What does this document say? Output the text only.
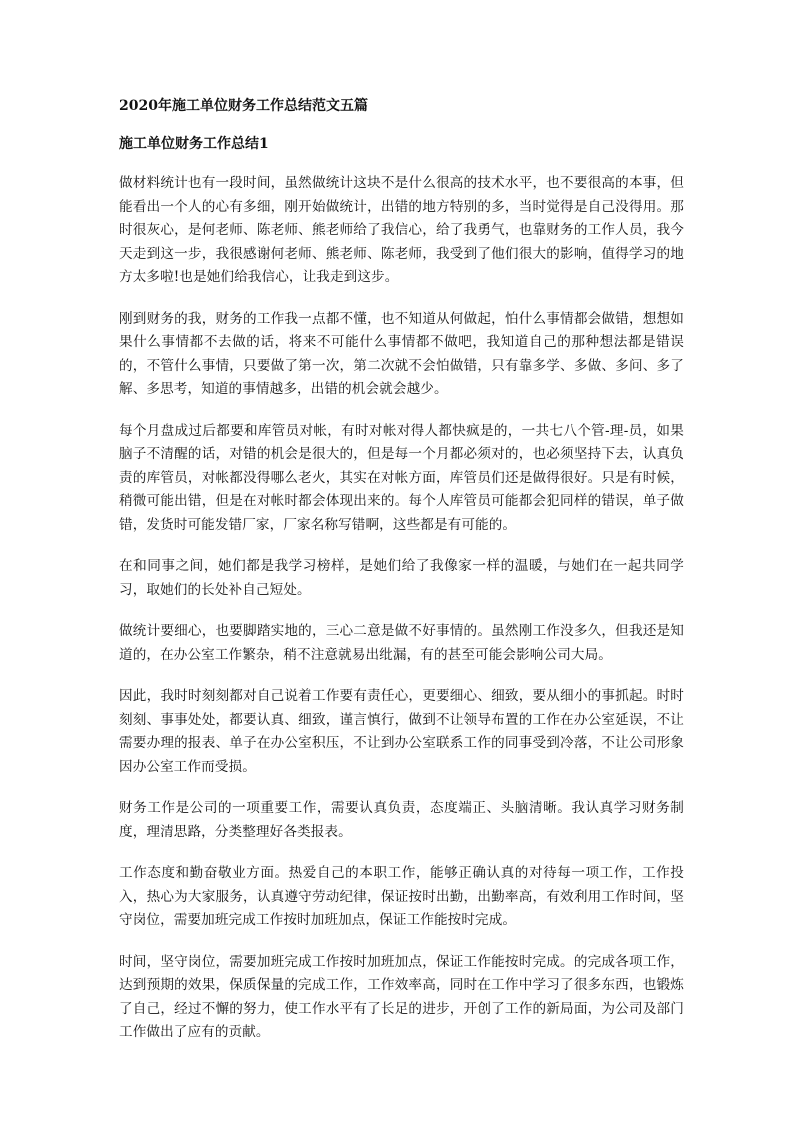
2020年施工单位财务工作总结范文五篇
施工单位财务工作总结1

做材料统计也有一段时间，虽然做统计这块不是什么很高的技术水平，也不要很高的本事，但能看出一个人的心有多细，刚开始做统计，出错的地方特别的多，当时觉得是自己没得用。那时很灰心，是何老师、陈老师、熊老师给了我信心，给了我勇气，也靠财务的工作人员，我今天走到这一步，我很感谢何老师、熊老师、陈老师，我受到了他们很大的影响，值得学习的地方太多啦!也是她们给我信心，让我走到这步。

刚到财务的我，财务的工作我一点都不懂，也不知道从何做起，怕什么事情都会做错，想想如果什么事情都不去做的话，将来不可能什么事情都不做吧，我知道自己的那种想法都是错误的，不管什么事情，只要做了第一次，第二次就不会怕做错，只有靠多学、多做、多问、多了解、多思考，知道的事情越多，出错的机会就会越少。

每个月盘成过后都要和库管员对帐，有时对帐对得人都快疯是的，一共七八个管-理-员，如果脑子不清醒的话，对错的机会是很大的，但是每一个月都必须对的，也必须坚持下去，认真负责的库管员，对帐都没得哪么老火，其实在对帐方面，库管员们还是做得很好。只是有时候，稍微可能出错，但是在对帐时都会体现出来的。每个人库管员可能都会犯同样的错误，单子做错，发货时可能发错厂家，厂家名称写错啊，这些都是有可能的。

在和同事之间，她们都是我学习榜样，是她们给了我像家一样的温暖，与她们在一起共同学习，取她们的长处补自己短处。

做统计要细心，也要脚踏实地的，三心二意是做不好事情的。虽然刚工作没多久，但我还是知道的，在办公室工作繁杂，稍不注意就易出纰漏，有的甚至可能会影响公司大局。

因此，我时时刻刻都对自己说着工作要有责任心，更要细心、细致，要从细小的事抓起。时时刻刻、事事处处，都要认真、细致，谨言慎行，做到不让领导布置的工作在办公室延误，不让需要办理的报表、单子在办公室积压，不让到办公室联系工作的同事受到冷落，不让公司形象因办公室工作而受损。

财务工作是公司的一项重要工作，需要认真负责，态度端正、头脑清晰。我认真学习财务制度，理清思路，分类整理好各类报表。

工作态度和勤奋敬业方面。热爱自己的本职工作，能够正确认真的对待每一项工作，工作投入，热心为大家服务，认真遵守劳动纪律，保证按时出勤，出勤率高，有效利用工作时间，坚守岗位，需要加班完成工作按时加班加点，保证工作能按时完成。

时间，坚守岗位，需要加班完成工作按时加班加点，保证工作能按时完成。的完成各项工作，达到预期的效果，保质保量的完成工作，工作效率高，同时在工作中学习了很多东西，也锻炼了自己，经过不懈的努力，使工作水平有了长足的进步，开创了工作的新局面，为公司及部门工作做出了应有的贡献。
